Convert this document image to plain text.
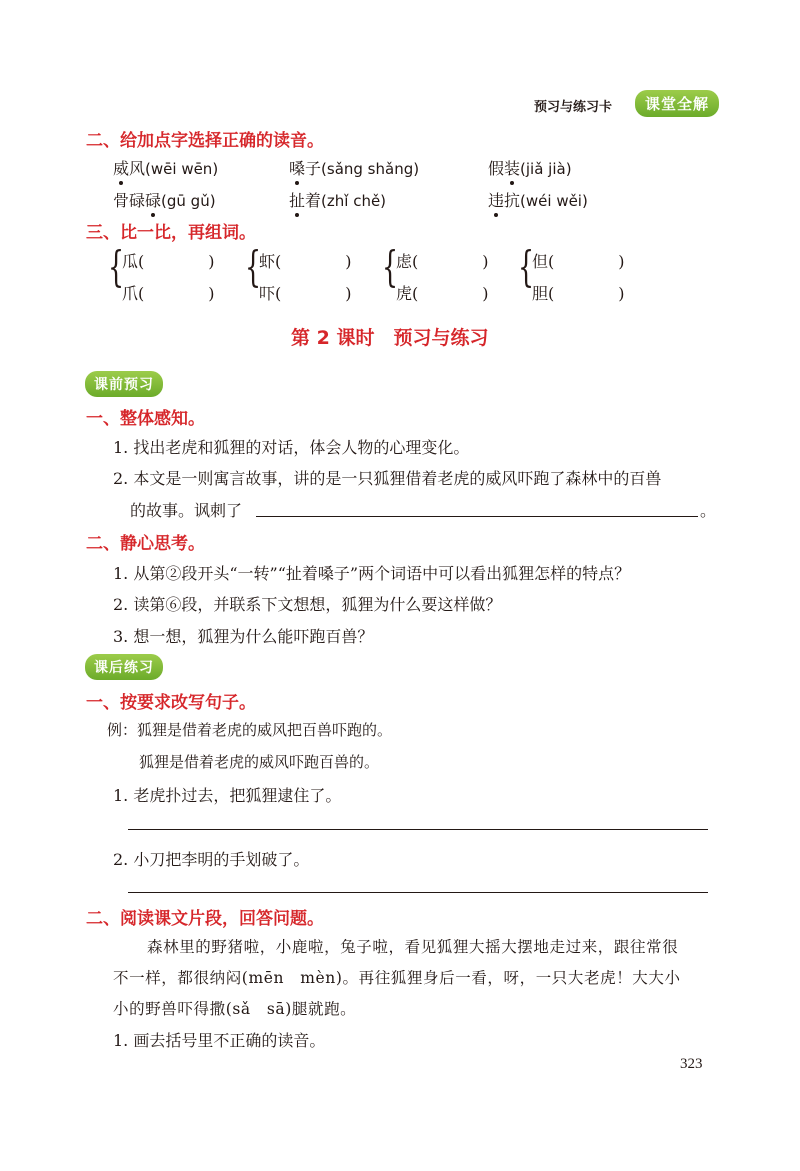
预习与练习卡	课堂全解
二、给加点字选择正确的读音。
威风(wēi wēn)	嗓子(sǎng shǎng)	假装(jiǎ jià)
骨碌碌(gū gǔ)	扯着(zhǐ chě)	违抗(wéi wěi)
三、比一比，再组词。
{
瓜(	)
爪(	)
{
虾(	)
吓(	)
{
虑(	)
虎(	)
{
但(	)
胆(	)
第 2 课时　预习与练习
课前预习
一、整体感知。
1. 找出老虎和狐狸的对话，体会人物的心理变化。
2. 本文是一则寓言故事，讲的是一只狐狸借着老虎的威风吓跑了森林中的百兽
的故事。讽刺了	。
二、静心思考。
1. 从第②段开头“一转”“扯着嗓子”两个词语中可以看出狐狸怎样的特点？
2. 读第⑥段，并联系下文想想，狐狸为什么要这样做？
3. 想一想，狐狸为什么能吓跑百兽？
课后练习
一、按要求改写句子。
例：狐狸是借着老虎的威风把百兽吓跑的。
狐狸是借着老虎的威风吓跑百兽的。
1. 老虎扑过去，把狐狸逮住了。
2. 小刀把李明的手划破了。
二、阅读课文片段，回答问题。
森林里的野猪啦，小鹿啦，兔子啦，看见狐狸大摇大摆地走过来，跟往常很
不一样，都很纳闷(mēn　mèn)。再往狐狸身后一看，呀，一只大老虎！大大小
小的野兽吓得撒(sǎ　sā)腿就跑。
1. 画去括号里不正确的读音。
323
